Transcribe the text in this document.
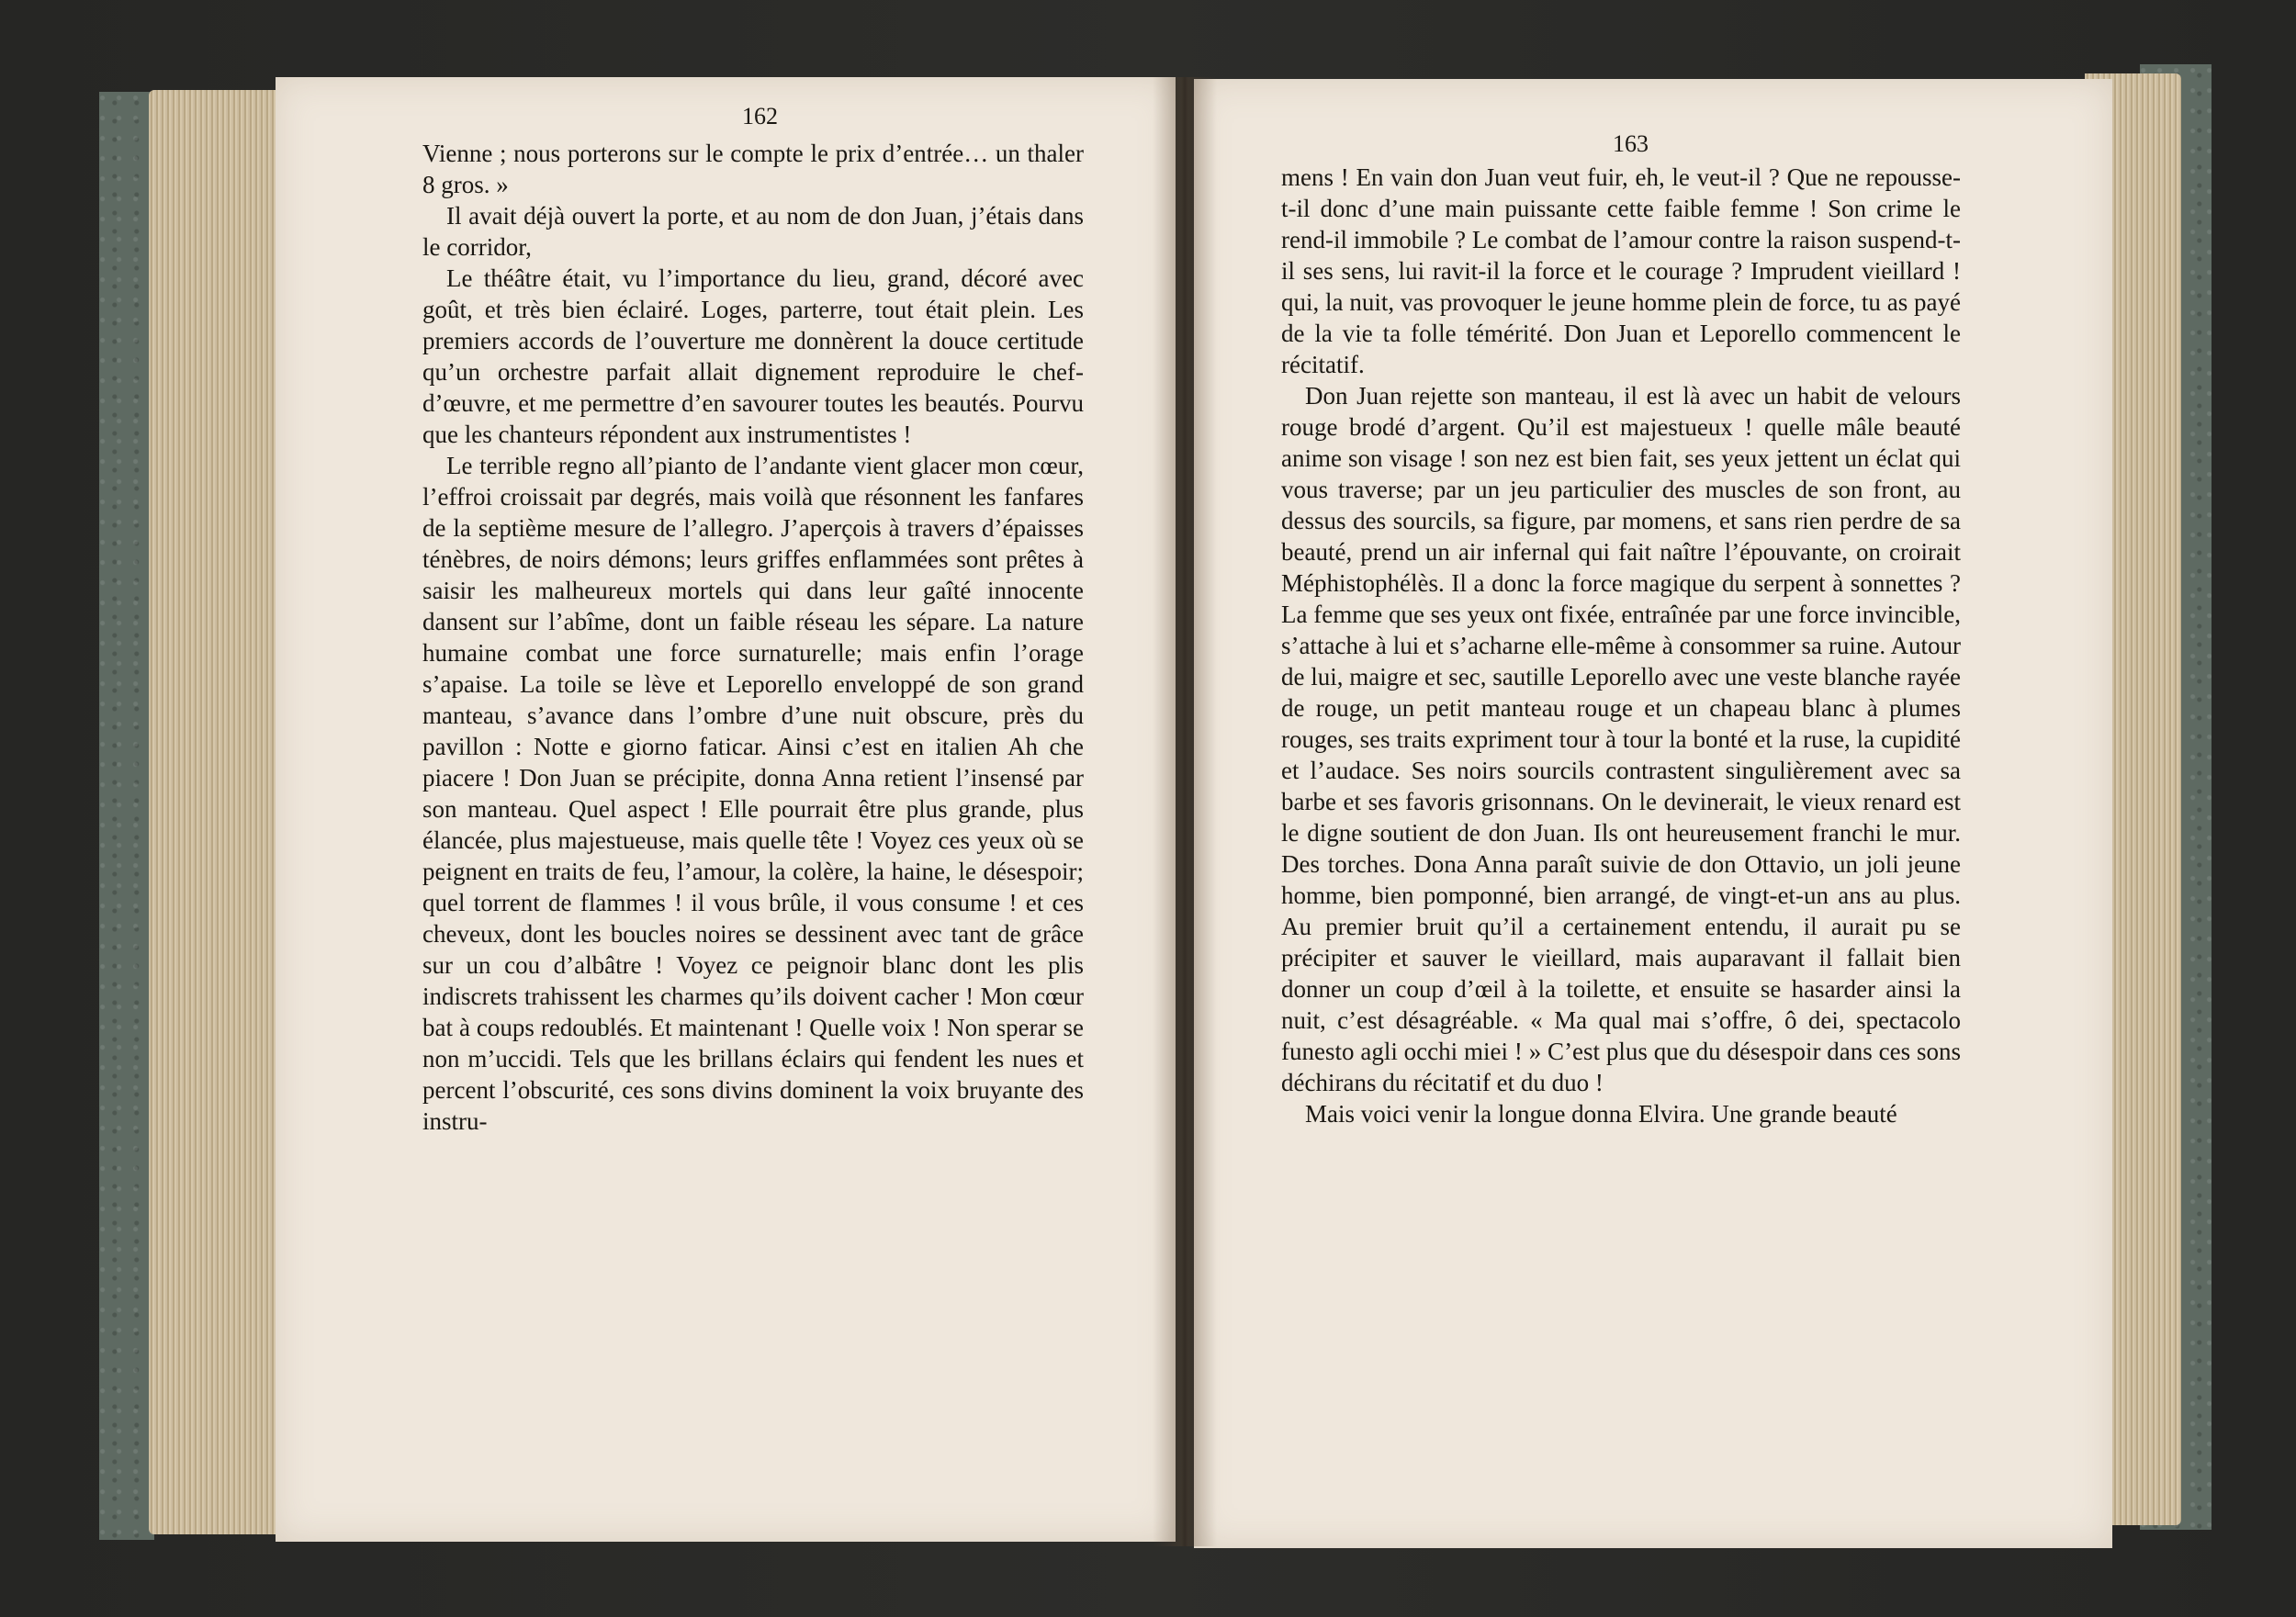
162

Vienne ; nous porterons sur le compte le prix d’entrée… un thaler 8 gros. »

Il avait déjà ouvert la porte, et au nom de don Juan, j’étais dans le corridor,

Le théâtre était, vu l’importance du lieu, grand, décoré avec goût, et très bien éclairé. Loges, parterre, tout était plein. Les premiers accords de l’ouverture me donnèrent la douce certitude qu’un orchestre parfait allait dignement reproduire le chef-d’œuvre, et me permettre d’en savourer toutes les beautés. Pourvu que les chanteurs répondent aux instrumentistes !

Le terrible regno all’pianto de l’andante vient glacer mon cœur, l’effroi croissait par degrés, mais voilà que résonnent les fanfares de la septième mesure de l’allegro. J’aperçois à travers d’épaisses ténèbres, de noirs démons; leurs griffes enflammées sont prêtes à saisir les malheureux mortels qui dans leur gaîté innocente dansent sur l’abîme, dont un faible réseau les sépare. La nature humaine combat une force surnaturelle; mais enfin l’orage s’apaise. La toile se lève et Leporello enveloppé de son grand manteau, s’avance dans l’ombre d’une nuit obscure, près du pavillon : Notte e giorno faticar. Ainsi c’est en italien Ah che piacere ! Don Juan se précipite, donna Anna retient l’insensé par son manteau. Quel aspect ! Elle pourrait être plus grande, plus élancée, plus majestueuse, mais quelle tête ! Voyez ces yeux où se peignent en traits de feu, l’amour, la colère, la haine, le désespoir; quel torrent de flammes ! il vous brûle, il vous consume ! et ces cheveux, dont les boucles noires se dessinent avec tant de grâce sur un cou d’albâtre ! Voyez ce peignoir blanc dont les plis indiscrets trahissent les charmes qu’ils doivent cacher ! Mon cœur bat à coups redoublés. Et maintenant ! Quelle voix ! Non sperar se non m’uccidi. Tels que les brillans éclairs qui fendent les nues et percent l’obscurité, ces sons divins dominent la voix bruyante des instru-

163

mens ! En vain don Juan veut fuir, eh, le veut-il ? Que ne repousse-t-il donc d’une main puissante cette faible femme ! Son crime le rend-il immobile ? Le combat de l’amour contre la raison suspend-t-il ses sens, lui ravit-il la force et le courage ? Imprudent vieillard ! qui, la nuit, vas provoquer le jeune homme plein de force, tu as payé de la vie ta folle témérité. Don Juan et Leporello commencent le récitatif.

Don Juan rejette son manteau, il est là avec un habit de velours rouge brodé d’argent. Qu’il est majestueux ! quelle mâle beauté anime son visage ! son nez est bien fait, ses yeux jettent un éclat qui vous traverse; par un jeu particulier des muscles de son front, au dessus des sourcils, sa figure, par momens, et sans rien perdre de sa beauté, prend un air infernal qui fait naître l’épouvante, on croirait Méphistophélès. Il a donc la force magique du serpent à sonnettes ? La femme que ses yeux ont fixée, entraînée par une force invincible, s’attache à lui et s’acharne elle-même à consommer sa ruine. Autour de lui, maigre et sec, sautille Leporello avec une veste blanche rayée de rouge, un petit manteau rouge et un chapeau blanc à plumes rouges, ses traits expriment tour à tour la bonté et la ruse, la cupidité et l’audace. Ses noirs sourcils contrastent singulièrement avec sa barbe et ses favoris grisonnans. On le devinerait, le vieux renard est le digne soutient de don Juan. Ils ont heureusement franchi le mur. Des torches. Dona Anna paraît suivie de don Ottavio, un joli jeune homme, bien pomponné, bien arrangé, de vingt-et-un ans au plus. Au premier bruit qu’il a certainement entendu, il aurait pu se précipiter et sauver le vieillard, mais auparavant il fallait bien donner un coup d’œil à la toilette, et ensuite se hasarder ainsi la nuit, c’est désagréable. « Ma qual mai s’offre, ô dei, spectacolo funesto agli occhi miei ! » C’est plus que du désespoir dans ces sons déchirans du récitatif et du duo !

Mais voici venir la longue donna Elvira. Une grande beauté
